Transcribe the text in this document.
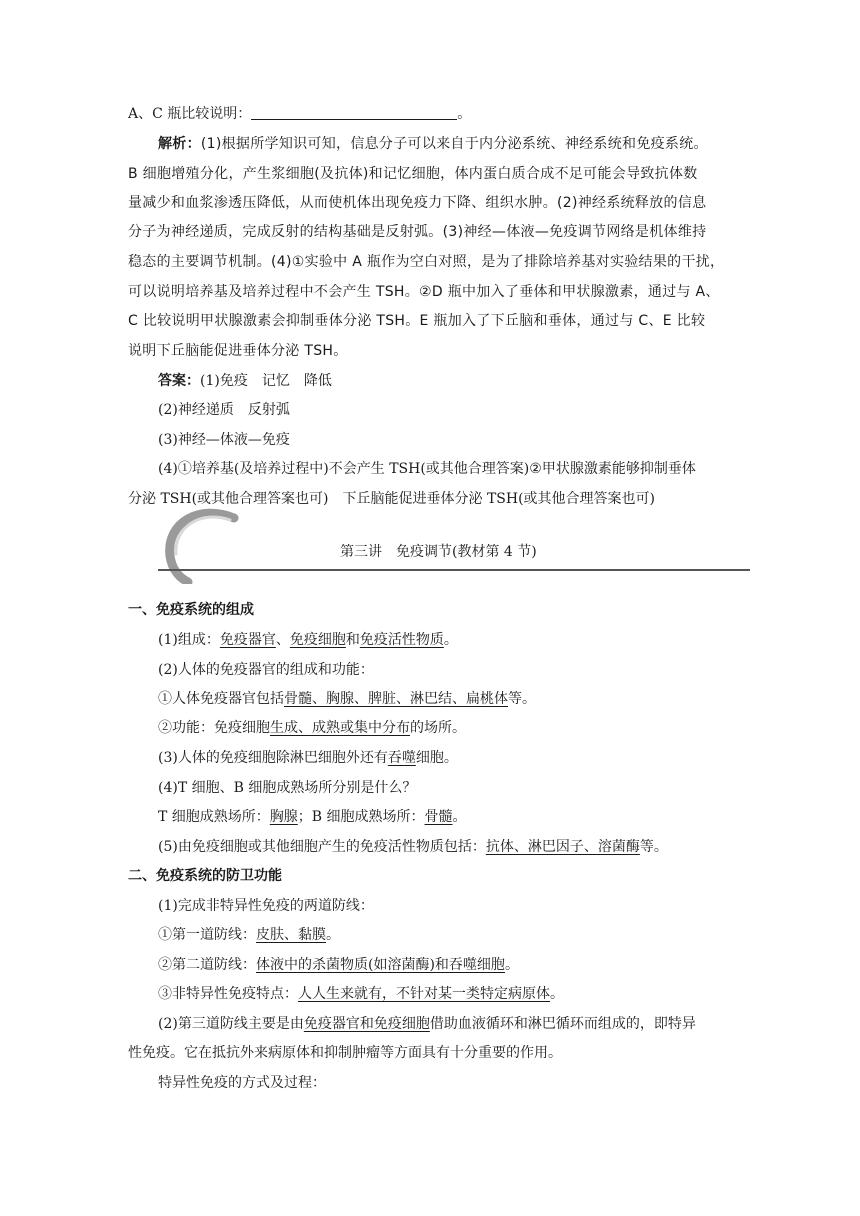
A、C 瓶比较说明：	。
解析：(1)根据所学知识可知，信息分子可以来自于内分泌系统、神经系统和免疫系统。
B 细胞增殖分化，产生浆细胞(及抗体)和记忆细胞，体内蛋白质合成不足可能会导致抗体数
量减少和血浆渗透压降低，从而使机体出现免疫力下降、组织水肿。(2)神经系统释放的信息
分子为神经递质，完成反射的结构基础是反射弧。(3)神经—体液—免疫调节网络是机体维持
稳态的主要调节机制。(4)①实验中 A 瓶作为空白对照，是为了排除培养基对实验结果的干扰，
可以说明培养基及培养过程中不会产生 TSH。②D 瓶中加入了垂体和甲状腺激素，通过与 A、
C 比较说明甲状腺激素会抑制垂体分泌 TSH。E 瓶加入了下丘脑和垂体，通过与 C、E 比较
说明下丘脑能促进垂体分泌 TSH。
答案：(1)免疫　记忆　降低
(2)神经递质　反射弧
(3)神经—体液—免疫
(4)①培养基(及培养过程中)不会产生 TSH(或其他合理答案)②甲状腺激素能够抑制垂体
分泌 TSH(或其他合理答案也可)　下丘脑能促进垂体分泌 TSH(或其他合理答案也可)
第三讲　免疫调节(教材第 4 节)
一、免疫系统的组成
(1)组成：免疫器官、免疫细胞和免疫活性物质。
(2)人体的免疫器官的组成和功能：
①人体免疫器官包括骨髓、胸腺、脾脏、淋巴结、扁桃体等。
②功能：免疫细胞生成、成熟或集中分布的场所。
(3)人体的免疫细胞除淋巴细胞外还有吞噬细胞。
(4)T 细胞、B 细胞成熟场所分别是什么？
T 细胞成熟场所：胸腺；B 细胞成熟场所：骨髓。
(5)由免疫细胞或其他细胞产生的免疫活性物质包括：抗体、淋巴因子、溶菌酶等。
二、免疫系统的防卫功能
(1)完成非特异性免疫的两道防线：
①第一道防线：皮肤、黏膜。
②第二道防线：体液中的杀菌物质(如溶菌酶)和吞噬细胞。
③非特异性免疫特点：人人生来就有，不针对某一类特定病原体。
(2)第三道防线主要是由免疫器官和免疫细胞借助血液循环和淋巴循环而组成的，即特异
性免疫。它在抵抗外来病原体和抑制肿瘤等方面具有十分重要的作用。
特异性免疫的方式及过程：
